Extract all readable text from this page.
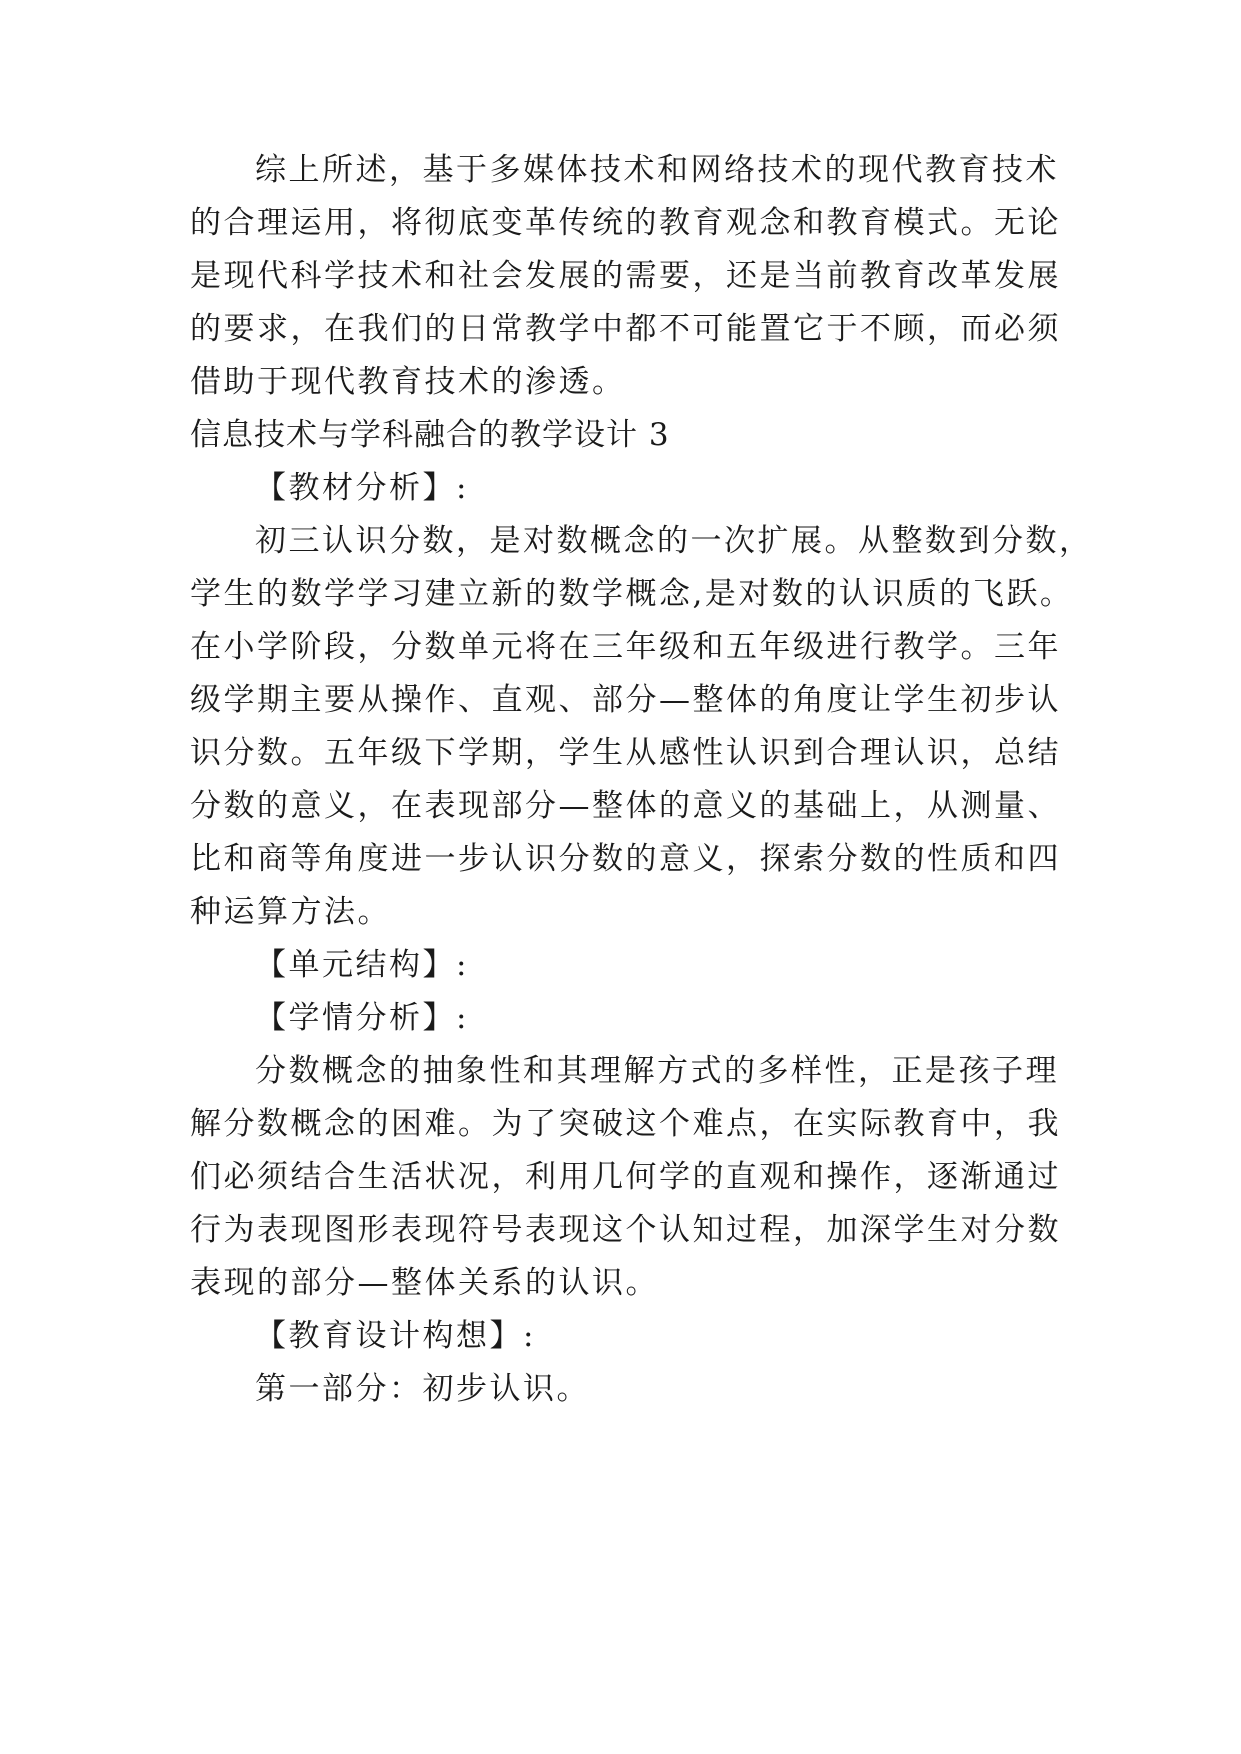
综上所述，基于多媒体技术和网络技术的现代教育技术
的合理运用，将彻底变革传统的教育观念和教育模式。无论
是现代科学技术和社会发展的需要，还是当前教育改革发展
的要求，在我们的日常教学中都不可能置它于不顾，而必须
借助于现代教育技术的渗透。
信息技术与学科融合的教学设计 3
【教材分析】:
初三认识分数，是对数概念的一次扩展。从整数到分数，
学生的数学学习建立新的数学概念,是对数的认识质的飞跃。
在小学阶段，分数单元将在三年级和五年级进行教学。三年
级学期主要从操作、直观、部分—整体的角度让学生初步认
识分数。五年级下学期，学生从感性认识到合理认识，总结
分数的意义，在表现部分—整体的意义的基础上，从测量、
比和商等角度进一步认识分数的意义，探索分数的性质和四
种运算方法。
【单元结构】:
【学情分析】:
分数概念的抽象性和其理解方式的多样性，正是孩子理
解分数概念的困难。为了突破这个难点，在实际教育中，我
们必须结合生活状况，利用几何学的直观和操作，逐渐通过
行为表现图形表现符号表现这个认知过程，加深学生对分数
表现的部分—整体关系的认识。
【教育设计构想】:
第一部分：初步认识。
